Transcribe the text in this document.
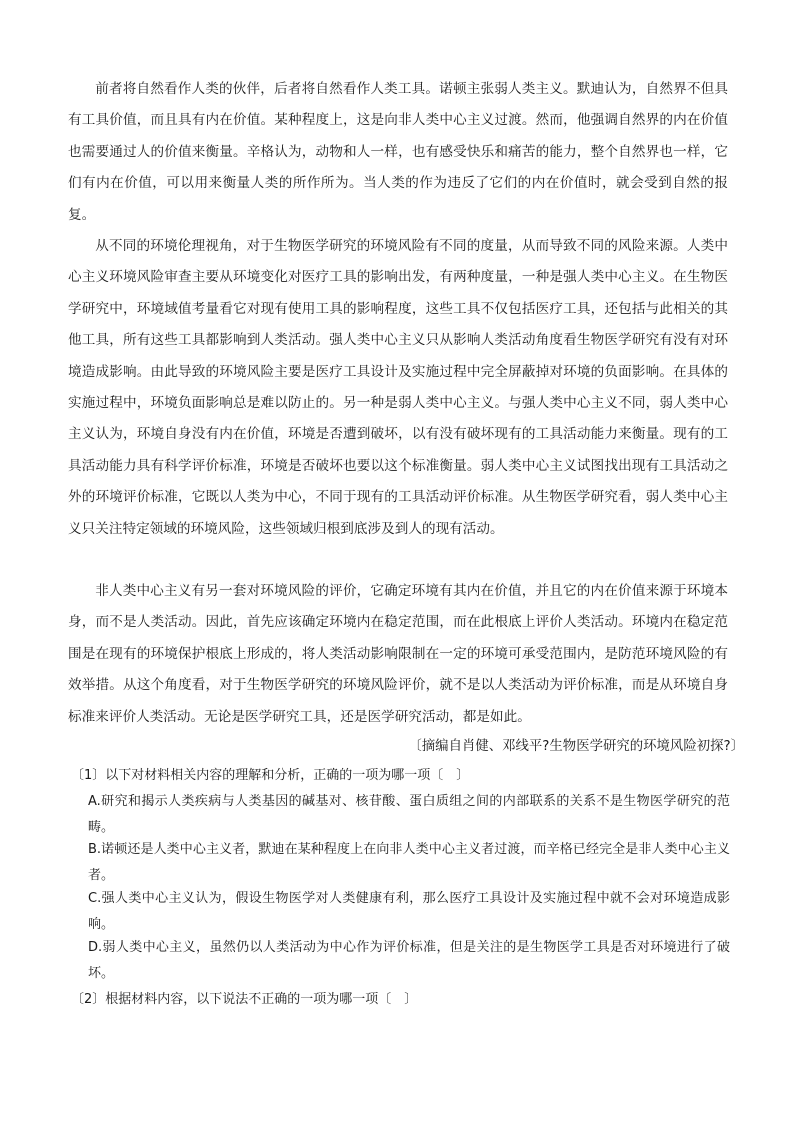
前者将自然看作人类的伙伴，后者将自然看作人类工具。诺顿主张弱人类主义。默迪认为，自然界不但具有工具价值，而且具有内在价值。某种程度上，这是向非人类中心主义过渡。然而，他强调自然界的内在价值也需要通过人的价值来衡量。辛格认为，动物和人一样，也有感受快乐和痛苦的能力，整个自然界也一样，它们有内在价值，可以用来衡量人类的所作所为。当人类的作为违反了它们的内在价值时，就会受到自然的报复。

从不同的环境伦理视角，对于生物医学研究的环境风险有不同的度量，从而导致不同的风险来源。人类中心主义环境风险审查主要从环境变化对医疗工具的影响出发，有两种度量，一种是强人类中心主义。在生物医学研究中，环境域值考量看它对现有使用工具的影响程度，这些工具不仅包括医疗工具，还包括与此相关的其他工具，所有这些工具都影响到人类活动。强人类中心主义只从影响人类活动角度看生物医学研究有没有对环境造成影响。由此导致的环境风险主要是医疗工具设计及实施过程中完全屏蔽掉对环境的负面影响。在具体的实施过程中，环境负面影响总是难以防止的。另一种是弱人类中心主义。与强人类中心主义不同，弱人类中心主义认为，环境自身没有内在价值，环境是否遭到破坏，以有没有破坏现有的工具活动能力来衡量。现有的工具活动能力具有科学评价标准，环境是否破坏也要以这个标准衡量。弱人类中心主义试图找出现有工具活动之外的环境评价标准，它既以人类为中心，不同于现有的工具活动评价标准。从生物医学研究看，弱人类中心主义只关注特定领域的环境风险，这些领域归根到底涉及到人的现有活动。

非人类中心主义有另一套对环境风险的评价，它确定环境有其内在价值，并且它的内在价值来源于环境本身，而不是人类活动。因此，首先应该确定环境内在稳定范围，而在此根底上评价人类活动。环境内在稳定范围是在现有的环境保护根底上形成的，将人类活动影响限制在一定的环境可承受范围内，是防范环境风险的有效举措。从这个角度看，对于生物医学研究的环境风险评价，就不是以人类活动为评价标准，而是从环境自身标准来评价人类活动。无论是医学研究工具，还是医学研究活动，都是如此。

〔摘编自肖健、邓线平?生物医学研究的环境风险初探?〕

〔1〕以下对材料相关内容的理解和分析，正确的一项为哪一项〔　〕

A.研究和揭示人类疾病与人类基因的碱基对、核苷酸、蛋白质组之间的内部联系的关系不是生物医学研究的范畴。

B.诺顿还是人类中心主义者，默迪在某种程度上在向非人类中心主义者过渡，而辛格已经完全是非人类中心主义者。

C.强人类中心主义认为，假设生物医学对人类健康有利，那么医疗工具设计及实施过程中就不会对环境造成影响。

D.弱人类中心主义，虽然仍以人类活动为中心作为评价标准，但是关注的是生物医学工具是否对环境进行了破坏。

〔2〕根据材料内容，以下说法不正确的一项为哪一项〔　〕
